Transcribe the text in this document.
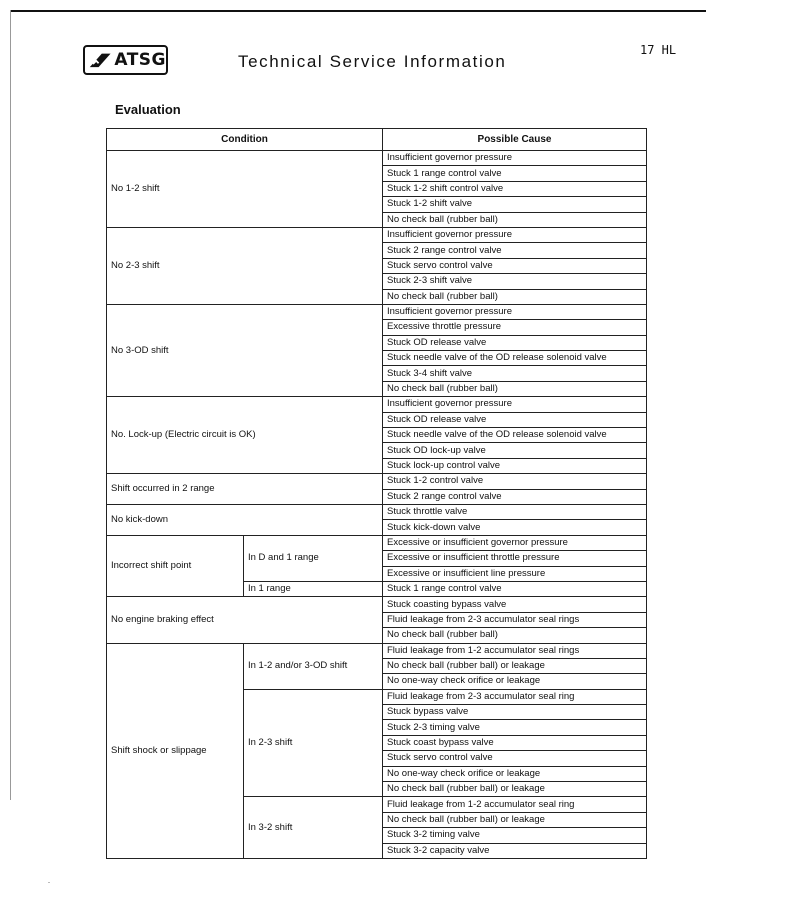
ATSG	Technical Service Information
17 HL
Evaluation
Condition		Possible Cause
No 1-2 shift		Insufficient governor pressure
		Stuck 1 range control valve
		Stuck 1-2 shift control valve
		Stuck 1-2 shift valve
		No check ball (rubber ball)
No 2-3 shift		Insufficient governor pressure
		Stuck 2 range control valve
		Stuck servo control valve
		Stuck 2-3 shift valve
		No check ball (rubber ball)
No 3-OD shift		Insufficient governor pressure
		Excessive throttle pressure
		Stuck OD release valve
		Stuck needle valve of the OD release solenoid valve
		Stuck 3-4 shift valve
		No check ball (rubber ball)
No. Lock-up (Electric circuit is OK)		Insufficient governor pressure
		Stuck OD release valve
		Stuck needle valve of the OD release solenoid valve
		Stuck OD lock-up valve
		Stuck lock-up control valve
Shift occurred in 2 range		Stuck 1-2 control valve
		Stuck 2 range control valve
No kick-down		Stuck throttle valve
		Stuck kick-down valve
Incorrect shift point	In D and 1 range	Excessive or insufficient governor pressure
		Excessive or insufficient throttle pressure
		Excessive or insufficient line pressure
	In 1 range	Stuck 1 range control valve
No engine braking effect		Stuck coasting bypass valve
		Fluid leakage from 2-3 accumulator seal rings
		No check ball (rubber ball)
Shift shock or slippage	In 1-2 and/or 3-OD shift	Fluid leakage from 1-2 accumulator seal rings
		No check ball (rubber ball) or leakage
		No one-way check orifice or leakage
	In 2-3 shift	Fluid leakage from 2-3 accumulator seal ring
		Stuck bypass valve
		Stuck 2-3 timing valve
		Stuck coast bypass valve
		Stuck servo control valve
		No one-way check orifice or leakage
		No check ball (rubber ball) or leakage
	In 3-2 shift	Fluid leakage from 1-2 accumulator seal ring
		No check ball (rubber ball) or leakage
		Stuck 3-2 timing valve
		Stuck 3-2 capacity valve
